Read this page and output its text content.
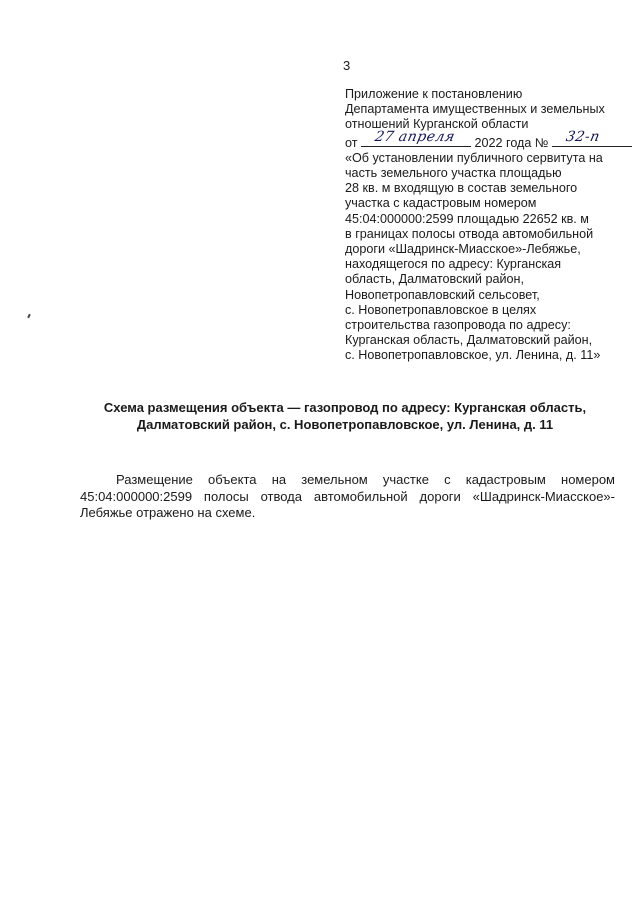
3
Приложение к постановлению
Департамента имущественных и земельных
отношений Курганской области
от 27 апреля 2022 года № 32-п
«Об установлении публичного сервитута на
часть земельного участка площадью
28 кв. м входящую в состав земельного
участка с кадастровым номером
45:04:000000:2599 площадью 22652 кв. м
в границах полосы отвода автомобильной
дороги «Шадринск-Миасское»-Лебяжье,
находящегося по адресу: Курганская
область, Далматовский район,
Новопетропавловский сельсовет,
с. Новопетропавловское в целях
строительства газопровода по адресу:
Курганская область, Далматовский район,
с. Новопетропавловское, ул. Ленина, д. 11»
Схема размещения объекта — газопровод по адресу: Курганская область,
Далматовский район, с. Новопетропавловское, ул. Ленина, д. 11

Размещение объекта на земельном участке с кадастровым номером 45:04:000000:2599 полосы отвода автомобильной дороги «Шадринск-Миасское»-Лебяжье отражено на схеме.
